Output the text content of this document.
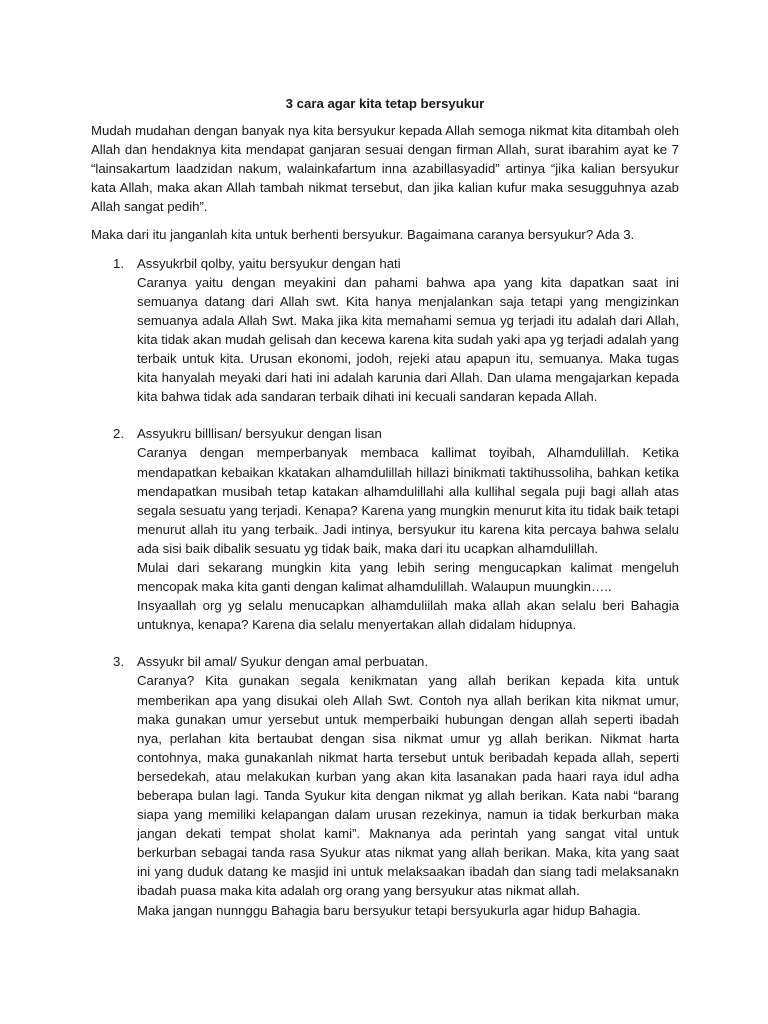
3 cara agar kita tetap bersyukur

Mudah mudahan dengan banyak nya kita bersyukur kepada Allah semoga nikmat kita ditambah oleh Allah dan hendaknya kita mendapat ganjaran sesuai dengan firman Allah, surat ibarahim ayat ke 7 “lainsakartum laadzidan nakum, walainkafartum inna azabillasyadid” artinya “jika kalian bersyukur kata Allah, maka akan Allah tambah nikmat tersebut, dan jika kalian kufur maka sesugguhnya azab Allah sangat pedih”.

Maka dari itu janganlah kita untuk berhenti bersyukur. Bagaimana caranya bersyukur? Ada 3.

1. Assyukrbil qolby, yaitu bersyukur dengan hati
Caranya yaitu dengan meyakini dan pahami bahwa apa yang kita dapatkan saat ini semuanya datang dari Allah swt. Kita hanya menjalankan saja tetapi yang mengizinkan semuanya adala Allah Swt. Maka jika kita memahami semua yg terjadi itu adalah dari Allah, kita tidak akan mudah gelisah dan kecewa karena kita sudah yaki apa yg terjadi adalah yang terbaik untuk kita. Urusan ekonomi, jodoh, rejeki atau apapun itu, semuanya. Maka tugas kita hanyalah meyaki dari hati ini adalah karunia dari Allah. Dan ulama mengajarkan kepada kita bahwa tidak ada sandaran terbaik dihati ini kecuali sandaran kepada Allah.
2. Assyukru billlisan/ bersyukur dengan lisan
Caranya dengan memperbanyak membaca kallimat toyibah, Alhamdulillah. Ketika mendapatkan kebaikan kkatakan alhamdulillah hillazi binikmati taktihussoliha, bahkan ketika mendapatkan musibah tetap katakan alhamdulillahi alla kullihal segala puji bagi allah atas segala sesuatu yang terjadi. Kenapa? Karena yang mungkin menurut kita itu tidak baik tetapi menurut allah itu yang terbaik. Jadi intinya, bersyukur itu karena kita percaya bahwa selalu ada sisi baik dibalik sesuatu yg tidak baik, maka dari itu ucapkan alhamdulillah.
Mulai dari sekarang mungkin kita yang lebih sering mengucapkan kalimat mengeluh mencopak maka kita ganti dengan kalimat alhamdulillah. Walaupun muungkin…..
Insyaallah org yg selalu menucapkan alhamduliilah maka allah akan selalu beri Bahagia untuknya, kenapa? Karena dia selalu menyertakan allah didalam hidupnya.
3. Assyukr bil amal/ Syukur dengan amal perbuatan.
Caranya? Kita gunakan segala kenikmatan yang allah berikan kepada kita untuk memberikan apa yang disukai oleh Allah Swt. Contoh nya allah berikan kita nikmat umur, maka gunakan umur yersebut untuk memperbaiki hubungan dengan allah seperti ibadah nya, perlahan kita bertaubat dengan sisa nikmat umur yg allah berikan. Nikmat harta contohnya, maka gunakanlah nikmat harta tersebut untuk beribadah kepada allah, seperti bersedekah, atau melakukan kurban yang akan kita lasanakan pada haari raya idul adha beberapa bulan lagi. Tanda Syukur kita dengan nikmat yg allah berikan. Kata nabi “barang siapa yang memiliki kelapangan dalam urusan rezekinya, namun ia tidak berkurban maka jangan dekati tempat sholat kami”. Maknanya ada perintah yang sangat vital untuk berkurban sebagai tanda rasa Syukur atas nikmat yang allah berikan. Maka, kita yang saat ini yang duduk datang ke masjid ini untuk melaksaakan ibadah dan siang tadi melaksanakn ibadah puasa maka kita adalah org orang yang bersyukur atas nikmat allah.
Maka jangan nunnggu Bahagia baru bersyukur tetapi bersyukurla agar hidup Bahagia.
